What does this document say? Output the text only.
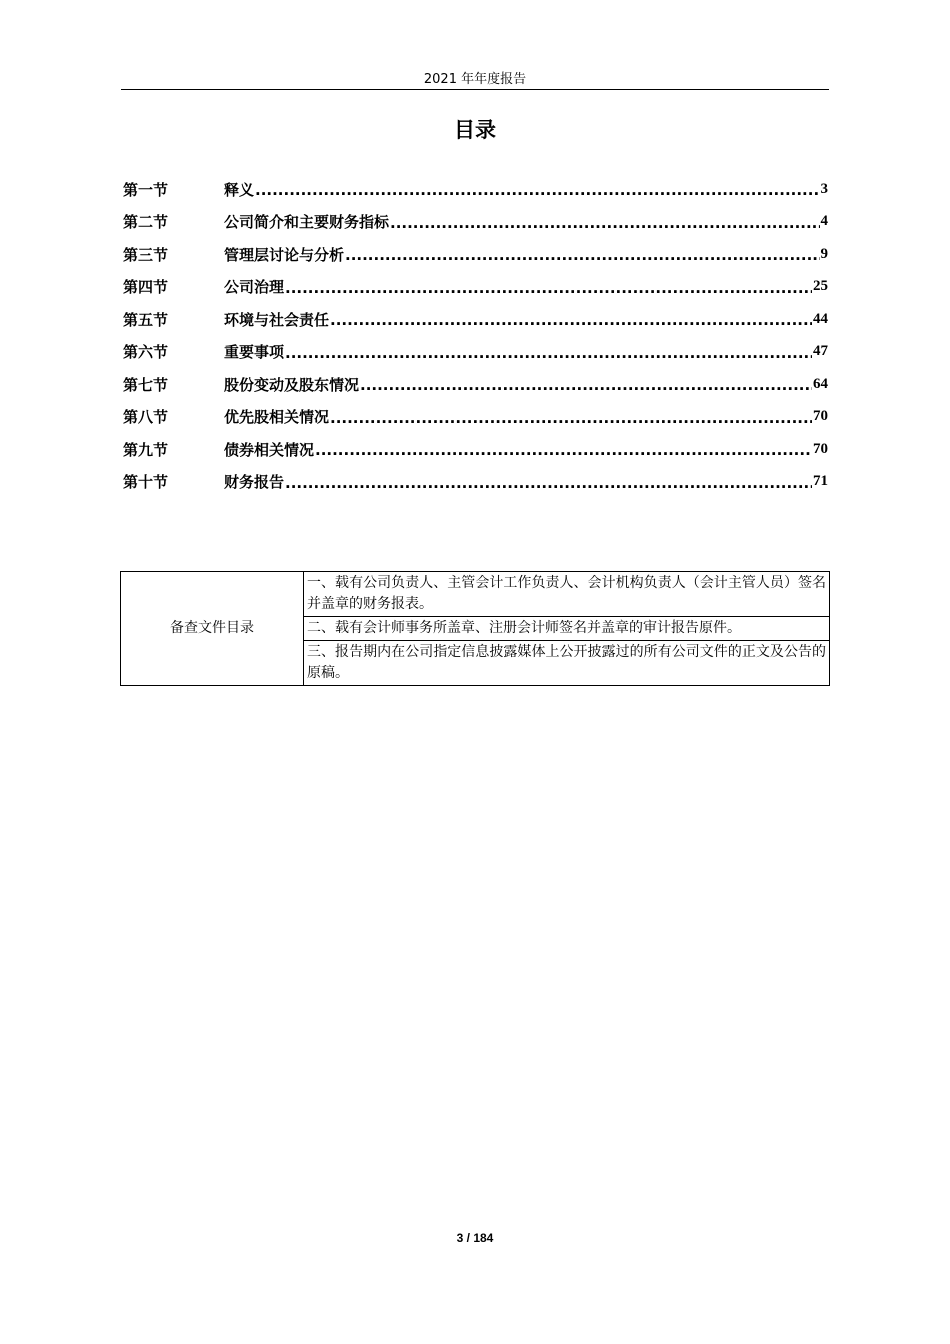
2021 年年度报告
目录
第一节	释义 .....	3
第二节	公司简介和主要财务指标 .....	4
第三节	管理层讨论与分析 .....	9
第四节	公司治理 .....	25
第五节	环境与社会责任 .....	44
第六节	重要事项 .....	47
第七节	股份变动及股东情况 .....	64
第八节	优先股相关情况 .....	70
第九节	债券相关情况 .....	70
第十节	财务报告 .....	71
备查文件目录	一、载有公司负责人、主管会计工作负责人、会计机构负责人（会计主管人员）签名并盖章的财务报表。
二、载有会计师事务所盖章、注册会计师签名并盖章的审计报告原件。
三、报告期内在公司指定信息披露媒体上公开披露过的所有公司文件的正文及公告的原稿。
3 / 184
